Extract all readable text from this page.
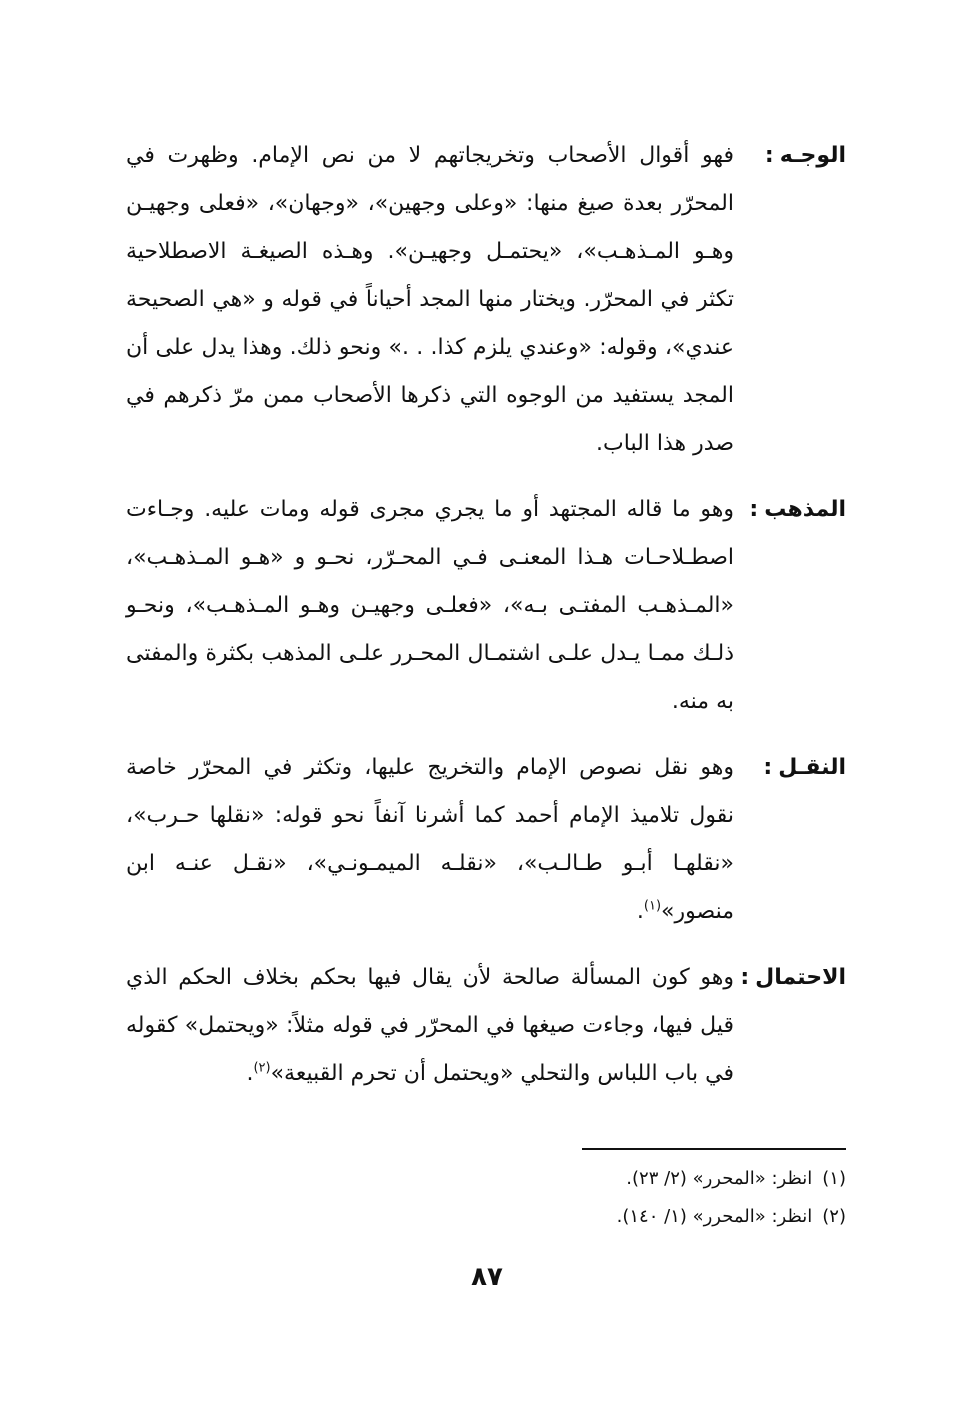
الوجـه:
فهو أقوال الأصحاب وتخريجاتهم لا من نص الإمام. وظهرت في المحرّر بعدة صيغ منها: «وعلى وجهين»، «وجهان»، «فعلى وجهيـن وهـو المـذهـب»، «يحتمـل وجهيـن». وهـذه الصيغـة الاصطلاحية تكثر في المحرّر. ويختار منها المجد أحياناً في قوله و «هي الصحيحة عندي»، وقوله: «وعندي يلزم كذا. . .» ونحو ذلك. وهذا يدل على أن المجد يستفيد من الوجوه التي ذكرها الأصحاب ممن مرّ ذكرهم في صدر هذا الباب.
المذهب:
وهو ما قاله المجتهد أو ما يجري مجرى قوله ومات عليه. وجـاءت اصطـلاحـات هـذا المعنـى فـي المحـرّر، نحـو و «هـو المـذهـب»، «المـذهـب المفتـى بـه»، «فعلـى وجهيـن وهـو المـذهـب»، ونحـو ذلـك ممـا يـدل علـى اشتمـال المحـرر علـى المذهب بكثرة والمفتى به منه.
النقـل:
وهو نقل نصوص الإمام والتخريج عليها، وتكثر في المحرّر خاصة نقول تلاميذ الإمام أحمد كما أشرنا آنفاً نحو قوله: «نقلها حـرب»، «نقلهـا أبـو طـالـب»، «نقلـه الميمـونـي»، «نقـل عنـه ابن منصور»$^{(١)}$.
الاحتمال:
وهو كون المسألة صالحة لأن يقال فيها بحكم بخلاف الحكم الذي قيل فيها، وجاءت صيغها في المحرّر في قوله مثلاً: «ويحتمل» كقوله في باب اللباس والتحلي «ويحتمل أن تحرم القبيعة»$^{(٢)}$.
(١)انظر: «المحرر» (٢/ ٢٣).
(٢)انظر: «المحرر» (١/ ١٤٠).
٨٧
